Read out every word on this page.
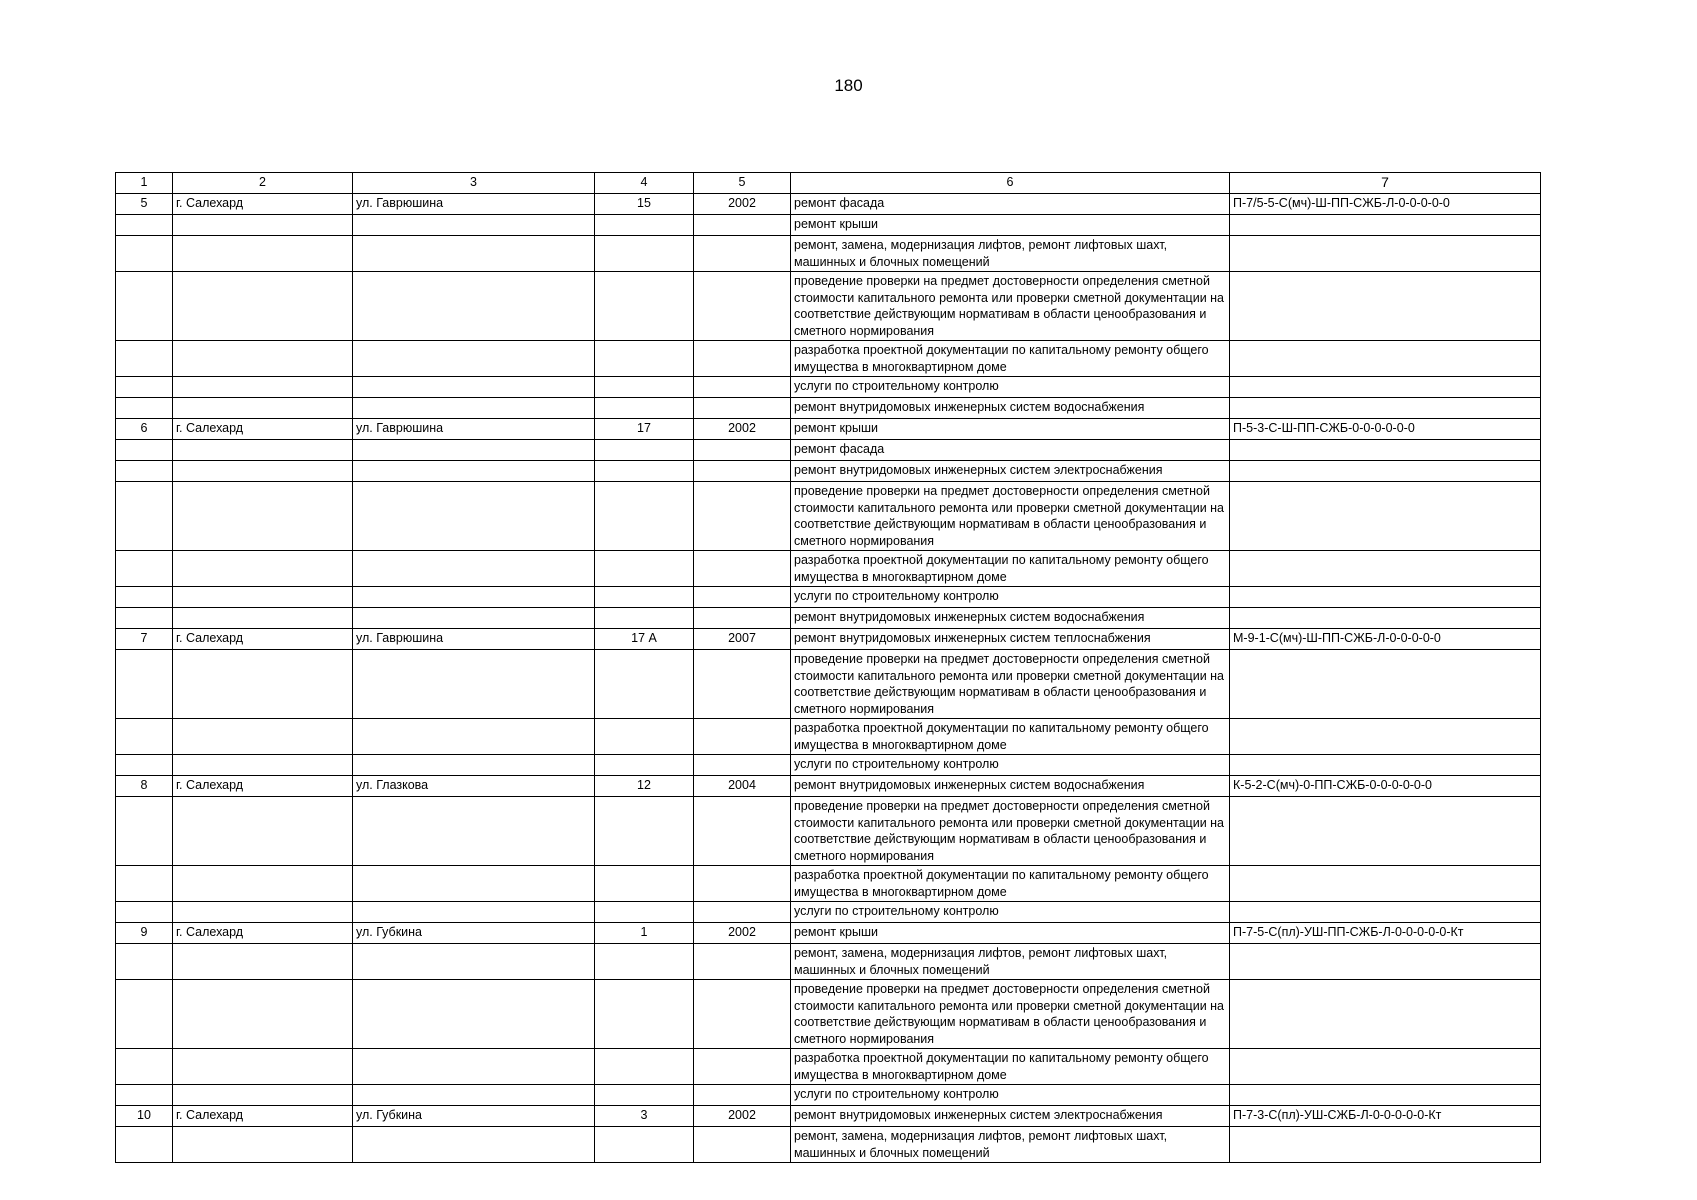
180
1	2	3	4	5	6	7
5	г. Салехард	ул. Гаврюшина	15	2002	ремонт фасада	П-7/5-5-С(мч)-Ш-ПП-СЖБ-Л-0-0-0-0-0
					ремонт крыши	
					ремонт, замена, модернизация лифтов, ремонт лифтовых шахт, машинных и блочных помещений	
					проведение проверки на предмет достоверности определения сметной стоимости капитального ремонта или проверки сметной документации на соответствие действующим нормативам в области ценообразования и сметного нормирования	
					разработка проектной документации по капитальному ремонту общего имущества в многоквартирном доме	
					услуги по строительному контролю	
					ремонт внутридомовых инженерных систем водоснабжения	
6	г. Салехард	ул. Гаврюшина	17	2002	ремонт крыши	П-5-3-С-Ш-ПП-СЖБ-0-0-0-0-0-0
					ремонт фасада	
					ремонт внутридомовых инженерных систем электроснабжения	
					проведение проверки на предмет достоверности определения сметной стоимости капитального ремонта или проверки сметной документации на соответствие действующим нормативам в области ценообразования и сметного нормирования	
					разработка проектной документации по капитальному ремонту общего имущества в многоквартирном доме	
					услуги по строительному контролю	
					ремонт внутридомовых инженерных систем водоснабжения	
7	г. Салехард	ул. Гаврюшина	17 А	2007	ремонт внутридомовых инженерных систем теплоснабжения	М-9-1-С(мч)-Ш-ПП-СЖБ-Л-0-0-0-0-0
					проведение проверки на предмет достоверности определения сметной стоимости капитального ремонта или проверки сметной документации на соответствие действующим нормативам в области ценообразования и сметного нормирования	
					разработка проектной документации по капитальному ремонту общего имущества в многоквартирном доме	
					услуги по строительному контролю	
8	г. Салехард	ул. Глазкова	12	2004	ремонт внутридомовых инженерных систем водоснабжения	К-5-2-С(мч)-0-ПП-СЖБ-0-0-0-0-0-0
					проведение проверки на предмет достоверности определения сметной стоимости капитального ремонта или проверки сметной документации на соответствие действующим нормативам в области ценообразования и сметного нормирования	
					разработка проектной документации по капитальному ремонту общего имущества в многоквартирном доме	
					услуги по строительному контролю	
9	г. Салехард	ул. Губкина	1	2002	ремонт крыши	П-7-5-С(пл)-УШ-ПП-СЖБ-Л-0-0-0-0-0-Кт
					ремонт, замена, модернизация лифтов, ремонт лифтовых шахт, машинных и блочных помещений	
					проведение проверки на предмет достоверности определения сметной стоимости капитального ремонта или проверки сметной документации на соответствие действующим нормативам в области ценообразования и сметного нормирования	
					разработка проектной документации по капитальному ремонту общего имущества в многоквартирном доме	
					услуги по строительному контролю	
10	г. Салехард	ул. Губкина	3	2002	ремонт внутридомовых инженерных систем электроснабжения	П-7-3-С(пл)-УШ-СЖБ-Л-0-0-0-0-0-Кт
					ремонт, замена, модернизация лифтов, ремонт лифтовых шахт, машинных и блочных помещений	
